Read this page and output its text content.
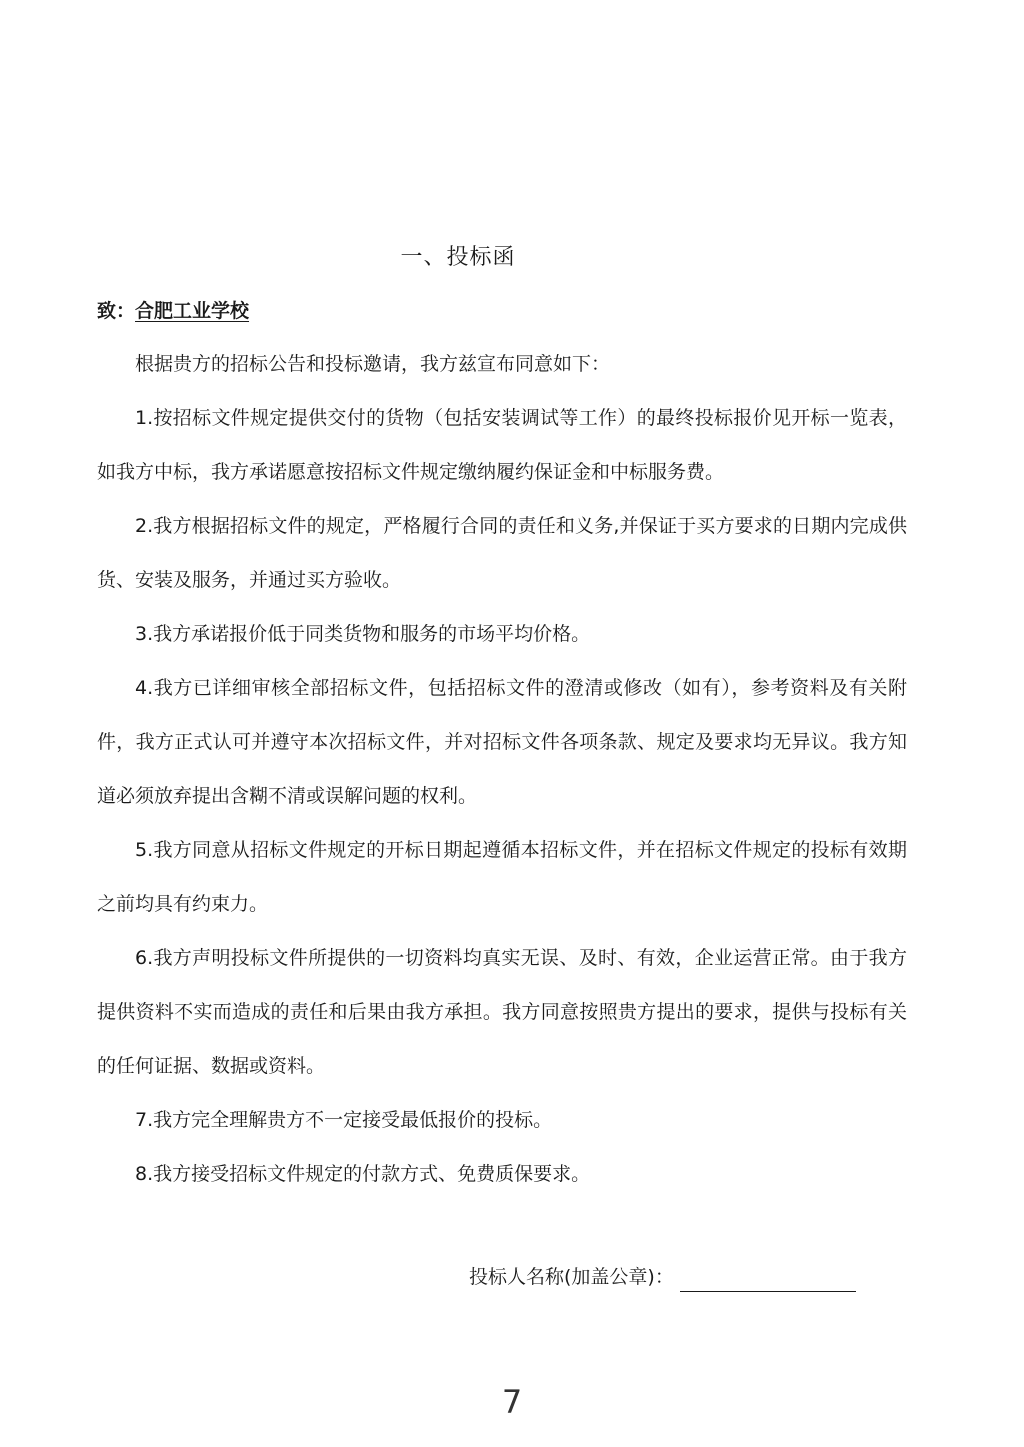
一、投标函
致：合肥工业学校

根据贵方的招标公告和投标邀请，我方兹宣布同意如下：

1.按招标文件规定提供交付的货物（包括安装调试等工作）的最终投标报价见开标一览表，如我方中标，我方承诺愿意按招标文件规定缴纳履约保证金和中标服务费。

2.我方根据招标文件的规定，严格履行合同的责任和义务,并保证于买方要求的日期内完成供货、安装及服务，并通过买方验收。

3.我方承诺报价低于同类货物和服务的市场平均价格。

4.我方已详细审核全部招标文件，包括招标文件的澄清或修改（如有），参考资料及有关附件，我方正式认可并遵守本次招标文件，并对招标文件各项条款、规定及要求均无异议。我方知道必须放弃提出含糊不清或误解问题的权利。

5.我方同意从招标文件规定的开标日期起遵循本招标文件，并在招标文件规定的投标有效期之前均具有约束力。

6.我方声明投标文件所提供的一切资料均真实无误、及时、有效，企业运营正常。由于我方提供资料不实而造成的责任和后果由我方承担。我方同意按照贵方提出的要求，提供与投标有关的任何证据、数据或资料。

7.我方完全理解贵方不一定接受最低报价的投标。

8.我方接受招标文件规定的付款方式、免费质保要求。

投标人名称(加盖公章)：
7
